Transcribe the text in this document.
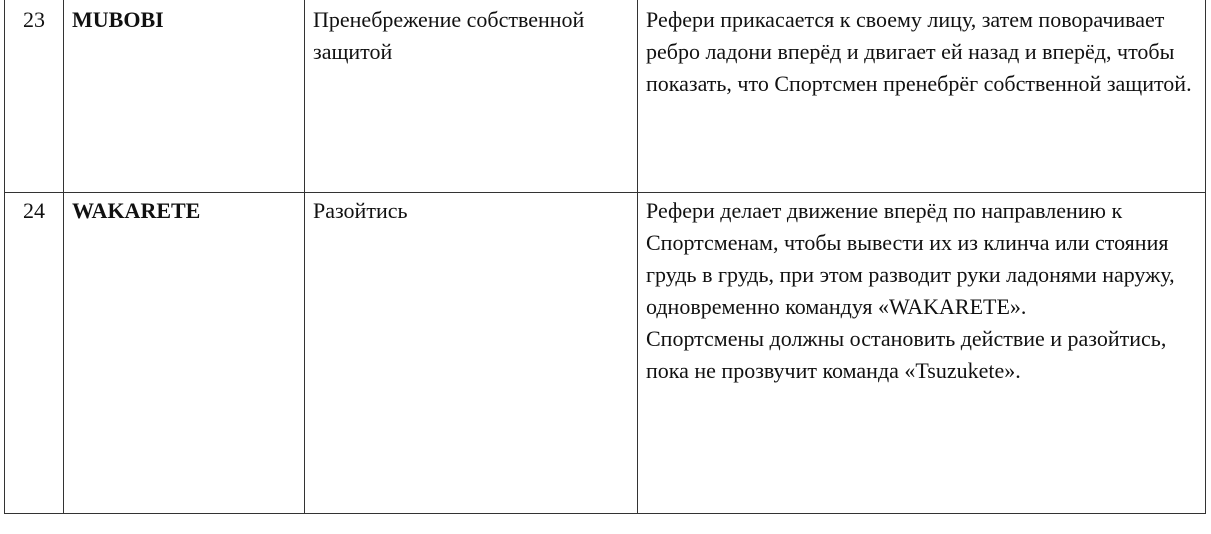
23	MUBOBI	Пренебрежение собственной защитой	Рефери прикасается к своему лицу, затем поворачивает ребро ладони вперёд и двигает ей назад и вперёд, чтобы показать, что Спортсмен пренебрёг собственной защитой.

24	WAKARETE	Разойтись	Рефери делает движение вперёд по направлению к Спортсменам, чтобы вывести их из клинча или стояния грудь в грудь, при этом разводит руки ладонями наружу, одновременно командуя «WAKARETE».
Спортсмены должны остановить действие и разойтись, пока не прозвучит команда «Tsuzukete».
